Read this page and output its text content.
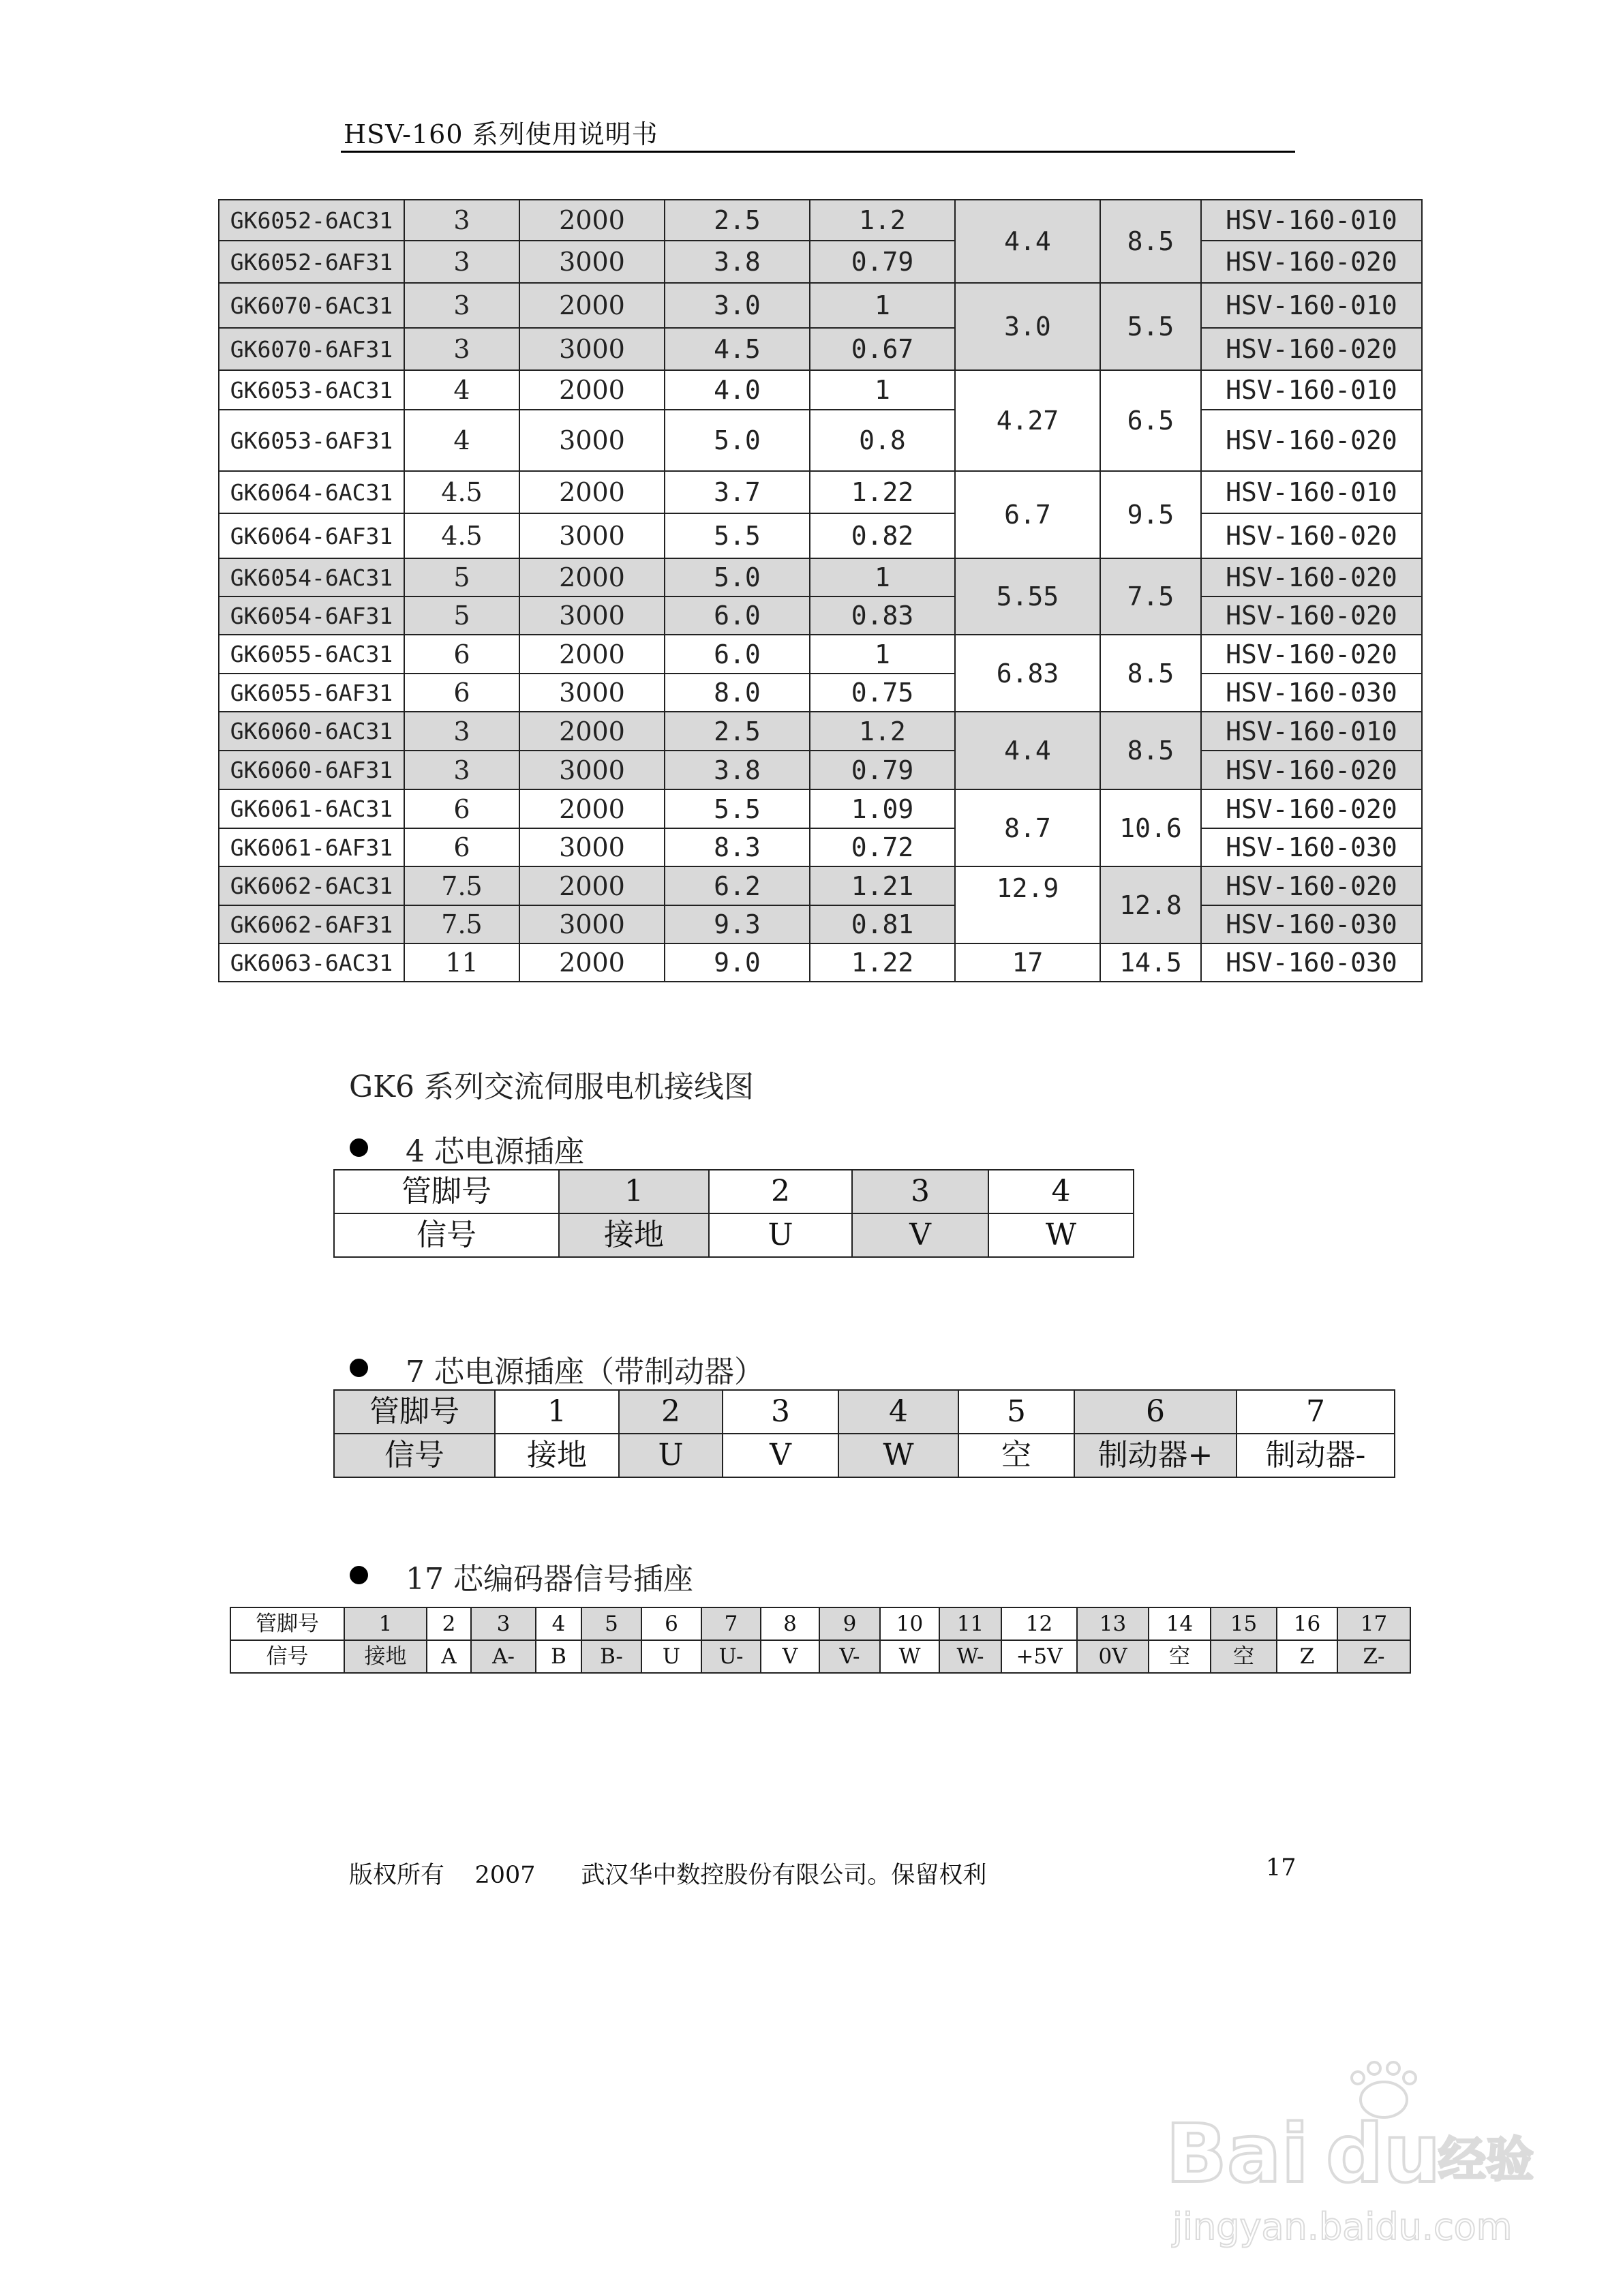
HSV-160 系列使用说明书
GK6052-6AC31	3	2000	2.5	1.2	4.4	8.5	HSV-160-010
GK6052-6AF31	3	3000	3.8	0.79			HSV-160-020
GK6070-6AC31	3	2000	3.0	1	3.0	5.5	HSV-160-010
GK6070-6AF31	3	3000	4.5	0.67			HSV-160-020
GK6053-6AC31	4	2000	4.0	1	4.27	6.5	HSV-160-010
GK6053-6AF31	4	3000	5.0	0.8			HSV-160-020
GK6064-6AC31	4.5	2000	3.7	1.22	6.7	9.5	HSV-160-010
GK6064-6AF31	4.5	3000	5.5	0.82			HSV-160-020
GK6054-6AC31	5	2000	5.0	1	5.55	7.5	HSV-160-020
GK6054-6AF31	5	3000	6.0	0.83			HSV-160-020
GK6055-6AC31	6	2000	6.0	1	6.83	8.5	HSV-160-020
GK6055-6AF31	6	3000	8.0	0.75			HSV-160-030
GK6060-6AC31	3	2000	2.5	1.2	4.4	8.5	HSV-160-010
GK6060-6AF31	3	3000	3.8	0.79			HSV-160-020
GK6061-6AC31	6	2000	5.5	1.09	8.7	10.6	HSV-160-020
GK6061-6AF31	6	3000	8.3	0.72			HSV-160-030
GK6062-6AC31	7.5	2000	6.2	1.21	12.9	12.8	HSV-160-020
GK6062-6AF31	7.5	3000	9.3	0.81			HSV-160-030
GK6063-6AC31	11	2000	9.0	1.22	17	14.5	HSV-160-030
GK6 系列交流伺服电机接线图
4 芯电源插座
管脚号	1	2	3	4
信号	接地	U	V	W
7 芯电源插座（带制动器）
管脚号	1	2	3	4	5	6	7
信号	接地	U	V	W	空	制动器+	制动器-
17 芯编码器信号插座
管脚号	1	2	3	4	5	6	7	8	9	10	11	12	13	14	15	16	17
信号	接地	A	A-	B	B-	U	U-	V	V-	W	W-	+5V	0V	空	空	Z	Z-
版权所有    2007      武汉华中数控股份有限公司。保留权利	17
Bai du
经验
jingyan.baidu.com
